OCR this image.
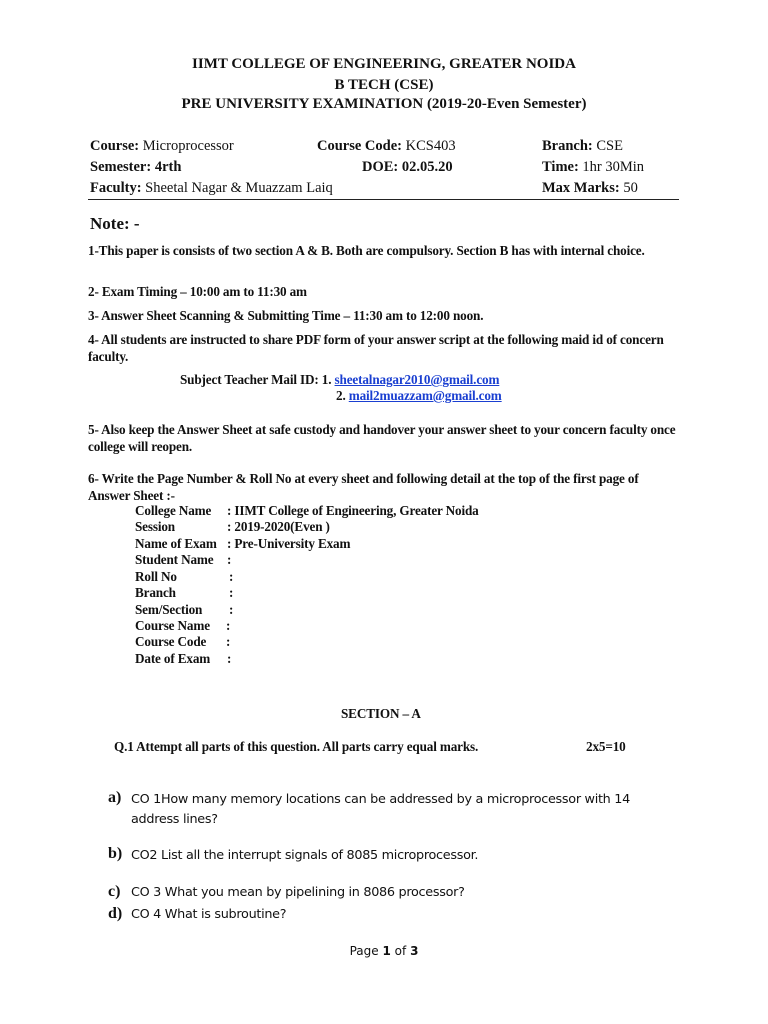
IIMT COLLEGE OF ENGINEERING, GREATER NOIDA
B TECH (CSE)
PRE UNIVERSITY EXAMINATION (2019-20-Even Semester)
Course: Microprocessor	Course Code: KCS403	Branch: CSE
Semester: 4rth	DOE: 02.05.20	Time: 1hr 30Min
Faculty: Sheetal Nagar & Muazzam Laiq	Max Marks: 50
Note: -
1-This paper is consists of two section A & B. Both are compulsory. Section B has with internal choice.
2- Exam Timing – 10:00 am to 11:30 am
3- Answer Sheet Scanning & Submitting Time – 11:30 am to 12:00 noon.
4- All students are instructed to share PDF form of your answer script at the following maid id of concern faculty.
Subject Teacher Mail ID: 1. sheetalnagar2010@gmail.com
2. mail2muazzam@gmail.com
5- Also keep the Answer Sheet at safe custody and handover your answer sheet to your concern faculty once college will reopen.
6- Write the Page Number & Roll No at every sheet and following detail at the top of the first page of Answer Sheet :-
College Name : IIMT College of Engineering, Greater Noida
Session	: 2019-2020(Even )
Name of Exam : Pre-University Exam
Student Name :
Roll No	:
Branch	:
Sem/Section :
Course Name :
Course Code :
Date of Exam :
SECTION – A
Q.1 Attempt all parts of this question. All parts carry equal marks.	2x5=10
a) CO 1How many memory locations can be addressed by a microprocessor with 14 address lines?
b) CO2 List all the interrupt signals of 8085 microprocessor.
c) CO 3 What you mean by pipelining in 8086 processor?
d) CO 4 What is subroutine?
Page 1 of 3
